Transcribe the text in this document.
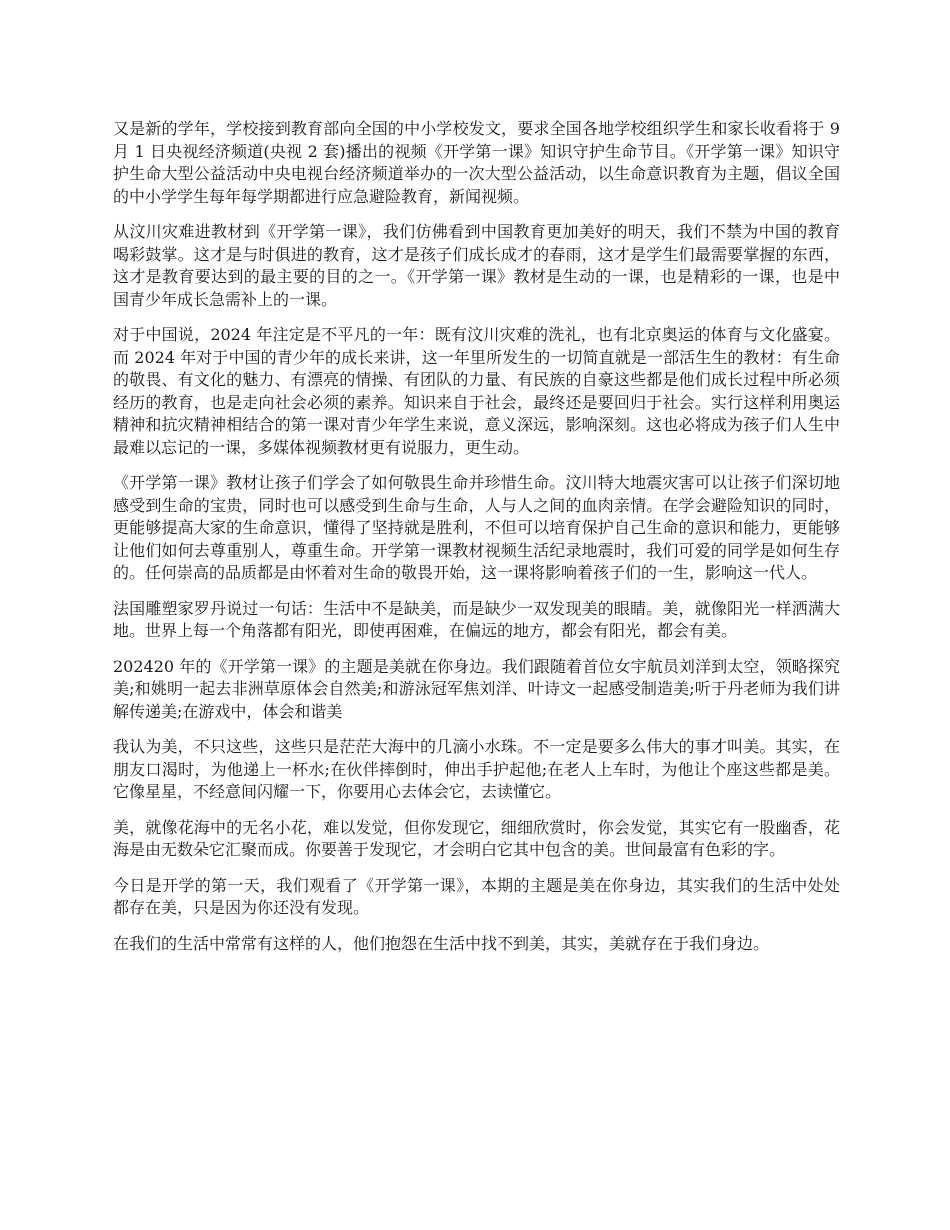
又是新的学年，学校接到教育部向全国的中小学校发文，要求全国各地学校组织学生和家长收看将于 9 月 1 日央视经济频道(央视 2 套)播出的视频《开学第一课》知识守护生命节目。《开学第一课》知识守护生命大型公益活动中央电视台经济频道举办的一次大型公益活动，以生命意识教育为主题，倡议全国的中小学学生每年每学期都进行应急避险教育，新闻视频。

从汶川灾难进教材到《开学第一课》，我们仿佛看到中国教育更加美好的明天，我们不禁为中国的教育喝彩鼓掌。这才是与时俱进的教育，这才是孩子们成长成才的春雨，这才是学生们最需要掌握的东西，这才是教育要达到的最主要的目的之一。《开学第一课》教材是生动的一课，也是精彩的一课，也是中国青少年成长急需补上的一课。

对于中国说，2024 年注定是不平凡的一年：既有汶川灾难的洗礼，也有北京奥运的体育与文化盛宴。而 2024 年对于中国的青少年的成长来讲，这一年里所发生的一切简直就是一部活生生的教材：有生命的敬畏、有文化的魅力、有漂亮的情操、有团队的力量、有民族的自豪这些都是他们成长过程中所必须经历的教育，也是走向社会必须的素养。知识来自于社会，最终还是要回归于社会。实行这样利用奥运精神和抗灾精神相结合的第一课对青少年学生来说，意义深远，影响深刻。这也必将成为孩子们人生中最难以忘记的一课，多媒体视频教材更有说服力，更生动。

《开学第一课》教材让孩子们学会了如何敬畏生命并珍惜生命。汶川特大地震灾害可以让孩子们深切地感受到生命的宝贵，同时也可以感受到生命与生命，人与人之间的血肉亲情。在学会避险知识的同时，更能够提高大家的生命意识，懂得了坚持就是胜利，不但可以培育保护自己生命的意识和能力，更能够让他们如何去尊重别人，尊重生命。开学第一课教材视频生活纪录地震时，我们可爱的同学是如何生存的。任何崇高的品质都是由怀着对生命的敬畏开始，这一课将影响着孩子们的一生，影响这一代人。

法国雕塑家罗丹说过一句话：生活中不是缺美，而是缺少一双发现美的眼睛。美，就像阳光一样洒满大地。世界上每一个角落都有阳光，即使再困难，在偏远的地方，都会有阳光，都会有美。

202420 年的《开学第一课》的主题是美就在你身边。我们跟随着首位女宇航员刘洋到太空，领略探究美;和姚明一起去非洲草原体会自然美;和游泳冠军焦刘洋、叶诗文一起感受制造美;听于丹老师为我们讲解传递美;在游戏中，体会和谐美

我认为美，不只这些，这些只是茫茫大海中的几滴小水珠。不一定是要多么伟大的事才叫美。其实，在朋友口渴时，为他递上一杯水;在伙伴摔倒时，伸出手护起他;在老人上车时，为他让个座这些都是美。它像星星，不经意间闪耀一下，你要用心去体会它，去读懂它。

美，就像花海中的无名小花，难以发觉，但你发现它，细细欣赏时，你会发觉，其实它有一股幽香，花海是由无数朵它汇聚而成。你要善于发现它，才会明白它其中包含的美。世间最富有色彩的字。

今日是开学的第一天，我们观看了《开学第一课》，本期的主题是美在你身边，其实我们的生活中处处都存在美，只是因为你还没有发现。

在我们的生活中常常有这样的人，他们抱怨在生活中找不到美，其实，美就存在于我们身边。
